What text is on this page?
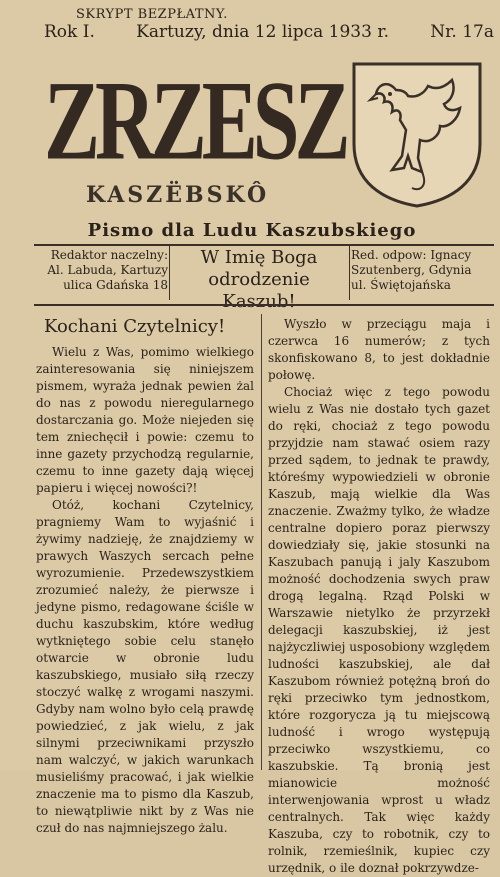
SKRYPT BEZPŁATNY.
Rok I. Kartuzy, dnia 12 lipca 1933 r. Nr. 17a
ZRZESZ
KASZËBSKÔ
Pismo dla Ludu Kaszubskiego
Redaktor naczelny:
Al. Labuda, Kartuzy
ulica Gdańska 18
W Imię Boga
odrodzenie Kaszub!
Red. odpow: Ignacy
Szutenberg, Gdynia
ul. Świętojańska
Kochani Czytelnicy!

Wielu z Was, pomimo wielkiego zainteresowania się niniejszem pismem, wyraża jednak pewien żal do nas z powodu nieregularnego dostarczania go. Może niejeden się tem zniechęcił i powie: czemu to inne gazety przychodzą regularnie, czemu to inne gazety dają więcej papieru i więcej nowości?!

Otóż, kochani Czytelnicy, pragniemy Wam to wyjaśnić i żywimy nadzieję, że znajdziemy w prawych Waszych sercach pełne wyrozumienie. Przedewszystkiem zrozumieć należy, że pierwsze i jedyne pismo, redagowane ściśle w duchu kaszubskim, które według wytkniętego sobie celu stanęło otwarcie w obronie ludu kaszubskiego, musiało siłą rzeczy stoczyć walkę z wrogami naszymi. Gdyby nam wolno było celą prawdę powiedzieć, z jak wielu, z jak silnymi przeciwnikami przyszło nam walczyć, w jakich warunkach musieliśmy pracować, i jak wielkie znaczenie ma to pismo dla Kaszub, to niewątpliwie nikt by z Was nie czuł do nas najmniejszego żalu.

Wyszło w przeciągu maja i czerwca 16 numerów; z tych skonfiskowano 8, to jest dokładnie połowę.

Chociaż więc z tego powodu wielu z Was nie dostało tych gazet do ręki, chociaż z tego powodu przyjdzie nam stawać osiem razy przed sądem, to jednak te prawdy, któreśmy wypowiedzieli w obronie Kaszub, mają wielkie dla Was znaczenie. Zważmy tylko, że władze centralne dopiero poraz pierwszy dowiedziały się, jakie stosunki na Kaszubach panują i jaly Kaszubom możność dochodzenia swych praw drogą legalną. Rząd Polski w Warszawie nietylko że przyrzekł delegacji kaszubskiej, iż jest najżyczliwiej usposobiony względem ludności kaszubskiej, ale dał Kaszubom również potężną broń do ręki przeciwko tym jednostkom, które rozgorycza ją tu miejscową ludność i wrogo występują przeciwko wszystkiemu, co kaszubskie. Tą bronią jest mianowicie możność interwenjowania wprost u władz centralnych. Tak więc każdy Kaszuba, czy to robotnik, czy to rolnik, rzemieślnik, kupiec czy urzędnik, o ile doznał pokrzywdze-
